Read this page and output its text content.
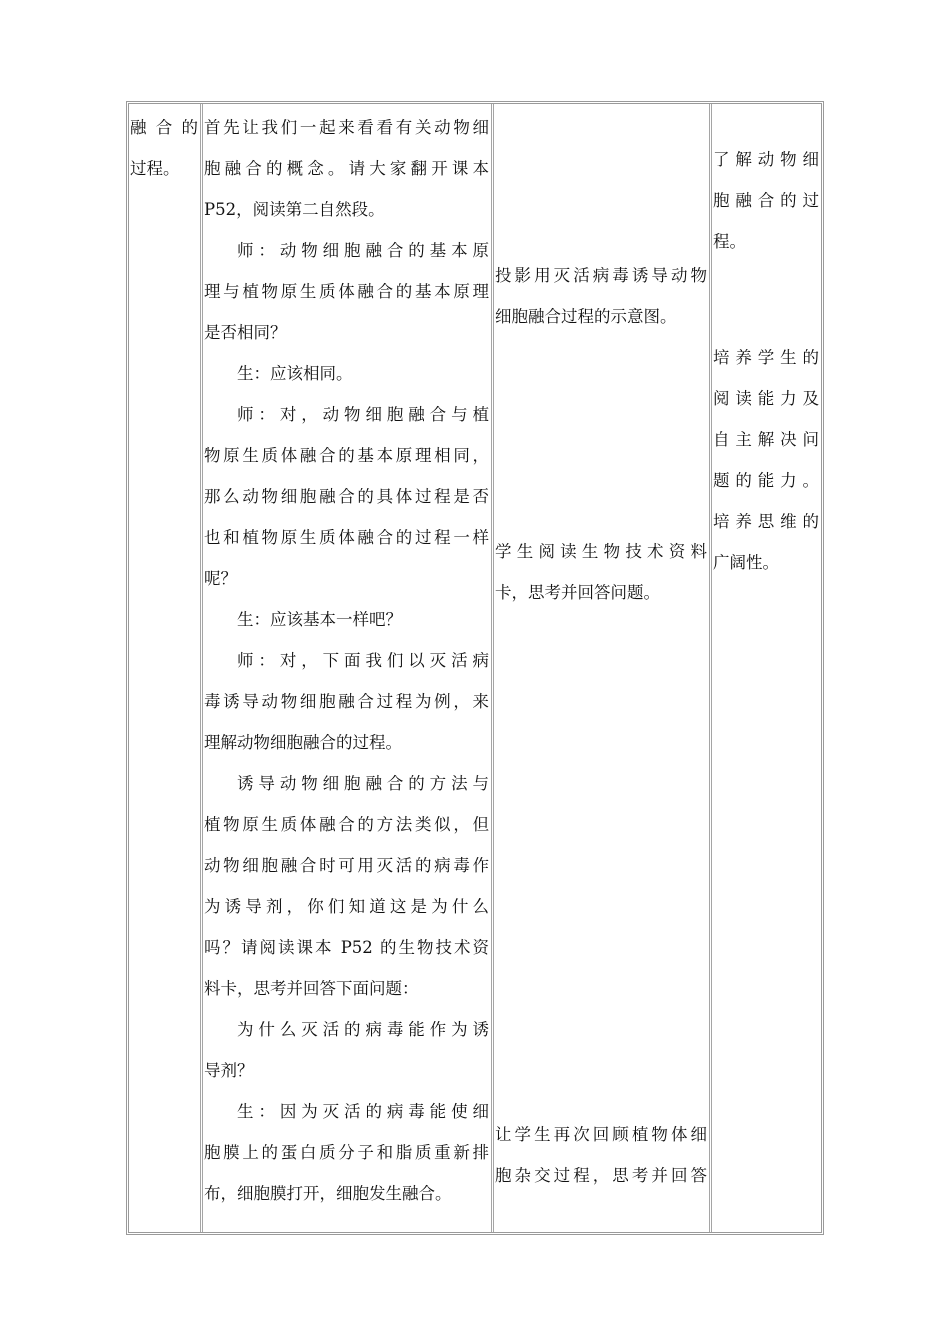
融 合 的
过程。

首先让我们一起来看看有关动物细
胞融合的概念。请大家翻开课本
P52，阅读第二自然段。

师：动物细胞融合的基本原
理与植物原生质体融合的基本原理
是否相同？

生：应该相同。

师：对，动物细胞融合与植
物原生质体融合的基本原理相同，
那么动物细胞融合的具体过程是否
也和植物原生质体融合的过程一样
呢？

生：应该基本一样吧？

师：对，下面我们以灭活病
毒诱导动物细胞融合过程为例，来
理解动物细胞融合的过程。

诱导动物细胞融合的方法与
植物原生质体融合的方法类似，但
动物细胞融合时可用灭活的病毒作
为诱导剂，你们知道这是为什么
吗？请阅读课本 P52 的生物技术资
料卡，思考并回答下面问题：

为什么灭活的病毒能作为诱
导剂？

生：因为灭活的病毒能使细
胞膜上的蛋白质分子和脂质重新排
布，细胞膜打开，细胞发生融合。

投影用灭活病毒诱导动物
细胞融合过程的示意图。
学生阅读生物技术资料
卡，思考并回答问题。
让学生再次回顾植物体细
胞杂交过程，思考并回答
了解动物细
胞融合的过
程。
培养学生的
阅读能力及
自主解决问
题的能力。
培养思维的
广阔性。
